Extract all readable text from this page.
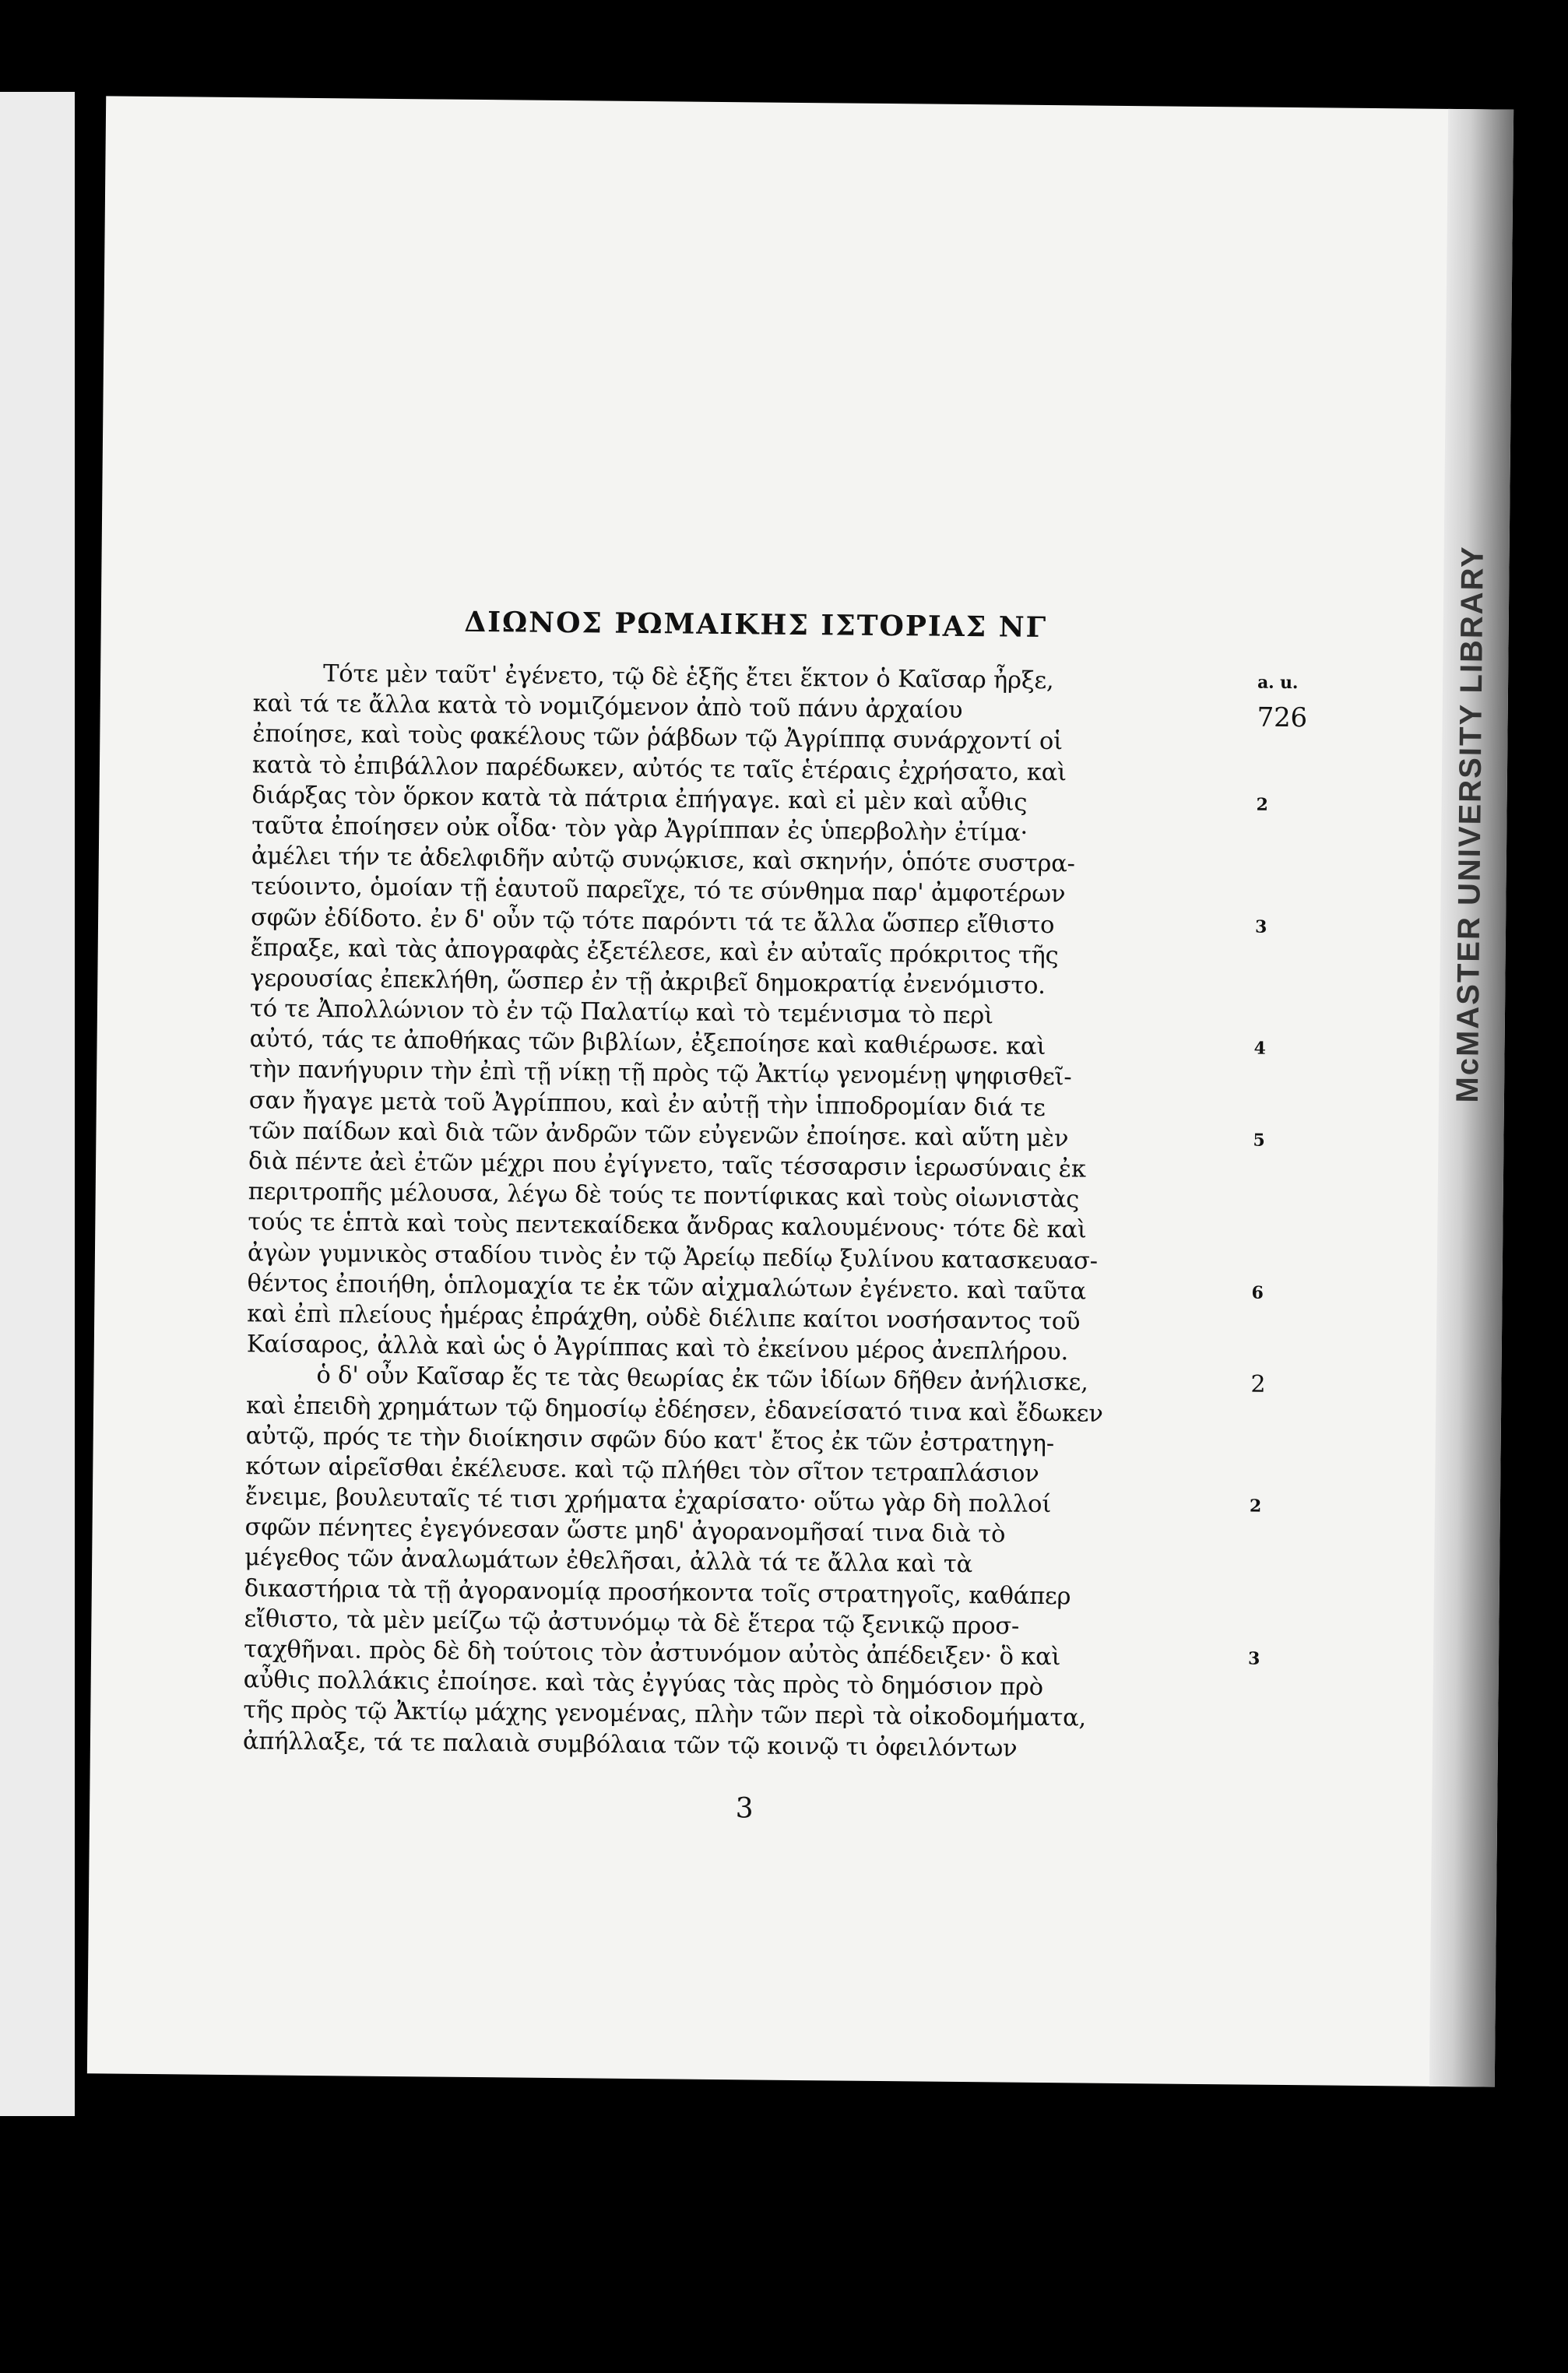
ΔΙΩΝΟΣ ΡΩΜΑΙΚΗΣ ΙΣΤΟΡΙΑΣ ΝΓ
Τότε μὲν ταῦτ' ἐγένετο, τῷ δὲ ἑξῆς ἔτει ἕκτον ὁ Καῖσαρ ἦρξε,	a. u.
καὶ τά τε ἄλλα κατὰ τὸ νομιζόμενον ἀπὸ τοῦ πάνυ ἀρχαίου	726
ἐποίησε, καὶ τοὺς φακέλους τῶν ῥάβδων τῷ Ἀγρίππᾳ συνάρχοντί οἱ
κατὰ τὸ ἐπιβάλλον παρέδωκεν, αὐτός τε ταῖς ἑτέραις ἐχρήσατο, καὶ
διάρξας τὸν ὅρκον κατὰ τὰ πάτρια ἐπήγαγε. καὶ εἰ μὲν καὶ αὖθις	2
ταῦτα ἐποίησεν οὐκ οἶδα· τὸν γὰρ Ἀγρίππαν ἐς ὑπερβολὴν ἐτίμα·
ἀμέλει τήν τε ἀδελφιδῆν αὐτῷ συνῴκισε, καὶ σκηνήν, ὁπότε συστρα-
τεύοιντο, ὁμοίαν τῇ ἑαυτοῦ παρεῖχε, τό τε σύνθημα παρ' ἀμφοτέρων
σφῶν ἐδίδοτο. ἐν δ' οὖν τῷ τότε παρόντι τά τε ἄλλα ὥσπερ εἴθιστο	3
ἔπραξε, καὶ τὰς ἀπογραφὰς ἐξετέλεσε, καὶ ἐν αὐταῖς πρόκριτος τῆς
γερουσίας ἐπεκλήθη, ὥσπερ ἐν τῇ ἀκριβεῖ δημοκρατίᾳ ἐνενόμιστο.
τό τε Ἀπολλώνιον τὸ ἐν τῷ Παλατίῳ καὶ τὸ τεμένισμα τὸ περὶ
αὐτό, τάς τε ἀποθήκας τῶν βιβλίων, ἐξεποίησε καὶ καθιέρωσε. καὶ	4
τὴν πανήγυριν τὴν ἐπὶ τῇ νίκῃ τῇ πρὸς τῷ Ἀκτίῳ γενομένῃ ψηφισθεῖ-
σαν ἤγαγε μετὰ τοῦ Ἀγρίππου, καὶ ἐν αὐτῇ τὴν ἱπποδρομίαν διά τε
τῶν παίδων καὶ διὰ τῶν ἀνδρῶν τῶν εὐγενῶν ἐποίησε. καὶ αὕτη μὲν	5
διὰ πέντε ἀεὶ ἐτῶν μέχρι που ἐγίγνετο, ταῖς τέσσαρσιν ἱερωσύναις ἐκ
περιτροπῆς μέλουσα, λέγω δὲ τούς τε ποντίφικας καὶ τοὺς οἰωνιστὰς
τούς τε ἑπτὰ καὶ τοὺς πεντεκαίδεκα ἄνδρας καλουμένους· τότε δὲ καὶ
ἀγὼν γυμνικὸς σταδίου τινὸς ἐν τῷ Ἀρείῳ πεδίῳ ξυλίνου κατασκευασ-
θέντος ἐποιήθη, ὁπλομαχία τε ἐκ τῶν αἰχμαλώτων ἐγένετο. καὶ ταῦτα	6
καὶ ἐπὶ πλείους ἡμέρας ἐπράχθη, οὐδὲ διέλιπε καίτοι νοσήσαντος τοῦ
Καίσαρος, ἀλλὰ καὶ ὡς ὁ Ἀγρίππας καὶ τὸ ἐκείνου μέρος ἀνεπλήρου.
ὁ δ' οὖν Καῖσαρ ἔς τε τὰς θεωρίας ἐκ τῶν ἰδίων δῆθεν ἀνήλισκε,	2
καὶ ἐπειδὴ χρημάτων τῷ δημοσίῳ ἐδέησεν, ἐδανείσατό τινα καὶ ἔδωκεν
αὐτῷ, πρός τε τὴν διοίκησιν σφῶν δύο κατ' ἔτος ἐκ τῶν ἐστρατηγη-
κότων αἱρεῖσθαι ἐκέλευσε. καὶ τῷ πλήθει τὸν σῖτον τετραπλάσιον
ἔνειμε, βουλευταῖς τέ τισι χρήματα ἐχαρίσατο· οὕτω γὰρ δὴ πολλοί	2
σφῶν πένητες ἐγεγόνεσαν ὥστε μηδ' ἀγορανομῆσαί τινα διὰ τὸ
μέγεθος τῶν ἀναλωμάτων ἐθελῆσαι, ἀλλὰ τά τε ἄλλα καὶ τὰ
δικαστήρια τὰ τῇ ἀγορανομίᾳ προσήκοντα τοῖς στρατηγοῖς, καθάπερ
εἴθιστο, τὰ μὲν μείζω τῷ ἀστυνόμῳ τὰ δὲ ἕτερα τῷ ξενικῷ προσ-
ταχθῆναι. πρὸς δὲ δὴ τούτοις τὸν ἀστυνόμον αὐτὸς ἀπέδειξεν· ὃ καὶ	3
αὖθις πολλάκις ἐποίησε. καὶ τὰς ἐγγύας τὰς πρὸς τὸ δημόσιον πρὸ
τῆς πρὸς τῷ Ἀκτίῳ μάχης γενομένας, πλὴν τῶν περὶ τὰ οἰκοδομήματα,
ἀπήλλαξε, τά τε παλαιὰ συμβόλαια τῶν τῷ κοινῷ τι ὀφειλόντων
3
McMASTER UNIVERSITY LIBRARY
